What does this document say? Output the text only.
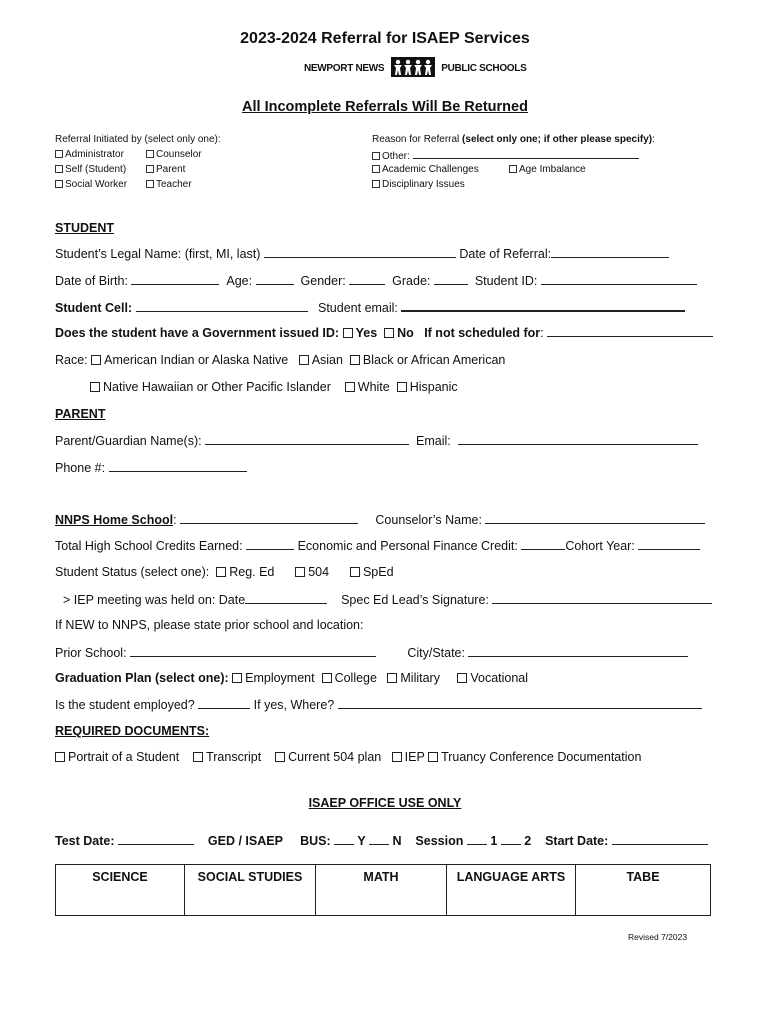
2023-2024 Referral for ISAEP Services
NEWPORT NEWS	PUBLIC SCHOOLS
All Incomplete Referrals Will Be Returned
Referral Initiated by (select only one):
Administrator	Counselor
Self (Student)	Parent
Social Worker	Teacher
Reason for Referral (select only one; if other please specify):
Other:
Academic Challenges	Age Imbalance
Disciplinary Issues
STUDENT
Student’s Legal Name: (first, MI, last)	Date of Referral:
Date of Birth:	Age:	Gender:	Grade:	Student ID:
Student Cell:	Student email:
Does the student have a Government issued ID: Yes No If not scheduled for:
Race: American Indian or Alaska Native Asian Black or African American
Native Hawaiian or Other Pacific Islander White Hispanic
PARENT
Parent/Guardian Name(s):	Email:
Phone #:
NNPS Home School:	Counselor’s Name:
Total High School Credits Earned:	Economic and Personal Finance Credit:	Cohort Year:
Student Status (select one): Reg. Ed	504	SpEd
> IEP meeting was held on: Date	Spec Ed Lead’s Signature:
If NEW to NNPS, please state prior school and location:
Prior School:	City/State:
Graduation Plan (select one): Employment College Military Vocational
Is the student employed?	If yes, Where?
REQUIRED DOCUMENTS:
Portrait of a Student Transcript Current 504 plan IEP Truancy Conference Documentation
ISAEP OFFICE USE ONLY
Test Date:	GED / ISAEP BUS: Y N Session 1 2 Start Date:
SCIENCE	SOCIAL STUDIES	MATH	LANGUAGE ARTS	TABE
Revised 7/2023
